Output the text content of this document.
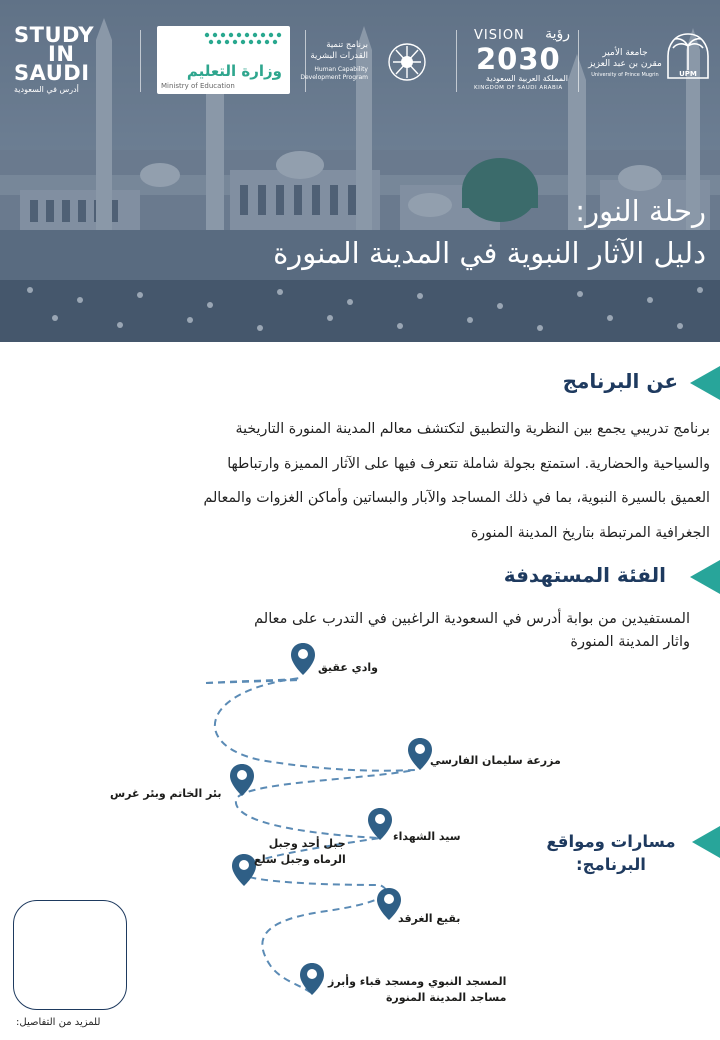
STUDY
IN
SAUDI
أدرس في السعودية
وزارة التعليم
Ministry of Education
برنامج تنمية
القدرات البشرية
Human Capability
Development Program
VISION رؤية
2030
المملكة العربية السعودية
KINGDOM OF SAUDI ARABIA
UPM
جامعة الأمير
مقرن بن عبد العزيز
University of Prince Mugrin
رحلة النور:
دليل الآثار النبوية في المدينة المنورة
عن البرنامج
برنامج تدريبي يجمع بين النظرية والتطبيق لتكتشف معالم المدينة المنورة التاريخية
والسياحية والحضارية. استمتع بجولة شاملة تتعرف فيها على الآثار المميزة وارتباطها
العميق بالسيرة النبوية، بما في ذلك المساجد والآبار والبساتين وأماكن الغزوات والمعالم
الجغرافية المرتبطة بتاريخ المدينة المنورة
الفئة المستهدفة
المستفيدين من بوابة أدرس في السعودية الراغبين في التدرب على معالم
واثار المدينة المنورة
وادي عقيق
مزرعة سليمان الفارسي
بئر الخاتم وبئر غرس
سيد الشهداء
جبل أحد وجبل
الرماه وجبل سلع
بقيع الغرقد
المسجد النبوي ومسجد قباء وأبرز
مساجد المدينة المنورة
مسارات ومواقع
البرنامج:
للمزيد من التفاصيل:
